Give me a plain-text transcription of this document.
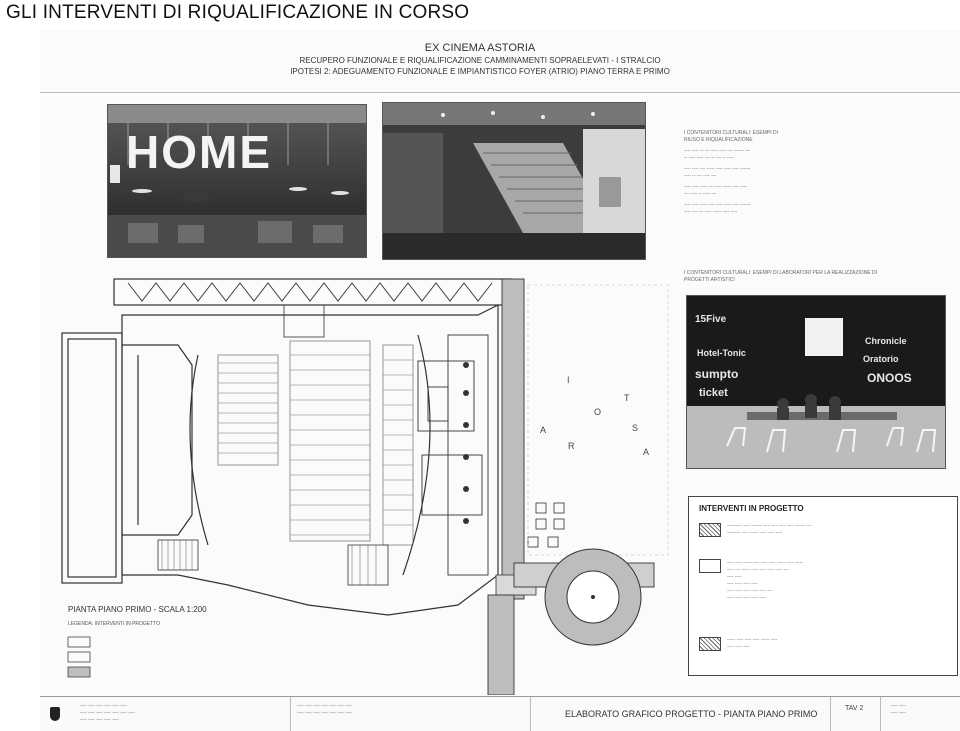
GLI INTERVENTI DI RIQUALIFICAZIONE IN CORSO
EX CINEMA ASTORIA
RECUPERO FUNZIONALE E RIQUALIFICAZIONE CAMMINAMENTI SOPRAELEVATI - I STRALCIO
IPOTESI 2: ADEGUAMENTO FUNZIONALE E IMPIANTISTICO FOYER (ATRIO) PIANO TERRA E PRIMO
HOME	I CONTENITORI CULTURALI: ESEMPI DI
RIUSO E RIQUALIFICAZIONE
---- ---- -- --- ---- ---- --- ------ ---
-- ---- ---- --- -- --- -- ----
---- ---- --- ----- ---- ---- ---- ------
---- -- --- ---- ---
---- ---- ---- --- ---- ----- ---- ----
--- ---- -- ---- ---
---- ---- ---- ---- ---- ---- ---- ------
---- --- --- ---- ----- ---- ----
I CONTENITORI CULTURALI: ESEMPI DI LABORATORI PER LA REALIZZAZIONE DI
PROGETTI ARTISTICI
15Five
Hotel-Tonic
sumpto
ticket
Chronicle
Oratorio
ONOOS
I
O
T
A	S
R
A
PIANTA PIANO PRIMO - SCALA 1:200
LEGENDA: INTERVENTI IN PROGETTO
INTERVENTI IN PROGETTO
--------- ---- ------ ---- ---- ---- ---- ------ ---
-------- ---- ----- ---- ---- ----
---- ---- ----- ---- ---- ---- ----- ---- -----
---- --- ----- ---- ---- ---- ---- ---
---- ----
---- ---- ---- ----
---- ---- ---- ---- ---- ---
---- ---- ---- ---- ----
----- ---- ---- ---- ----- ----
---- ---- ----
---- ---- ---- ---- ---- ----
---- ---- ---- ---- ---- ---- ----
---- ---- ---- ---- ----
---- ---- ---- ---- ---- ---- ----
---- ---- ---- ---- ---- ---- ----	ELABORATO GRAFICO PROGETTO - PIANTA PIANO PRIMO
TAV 2	---- ----
---- ----
